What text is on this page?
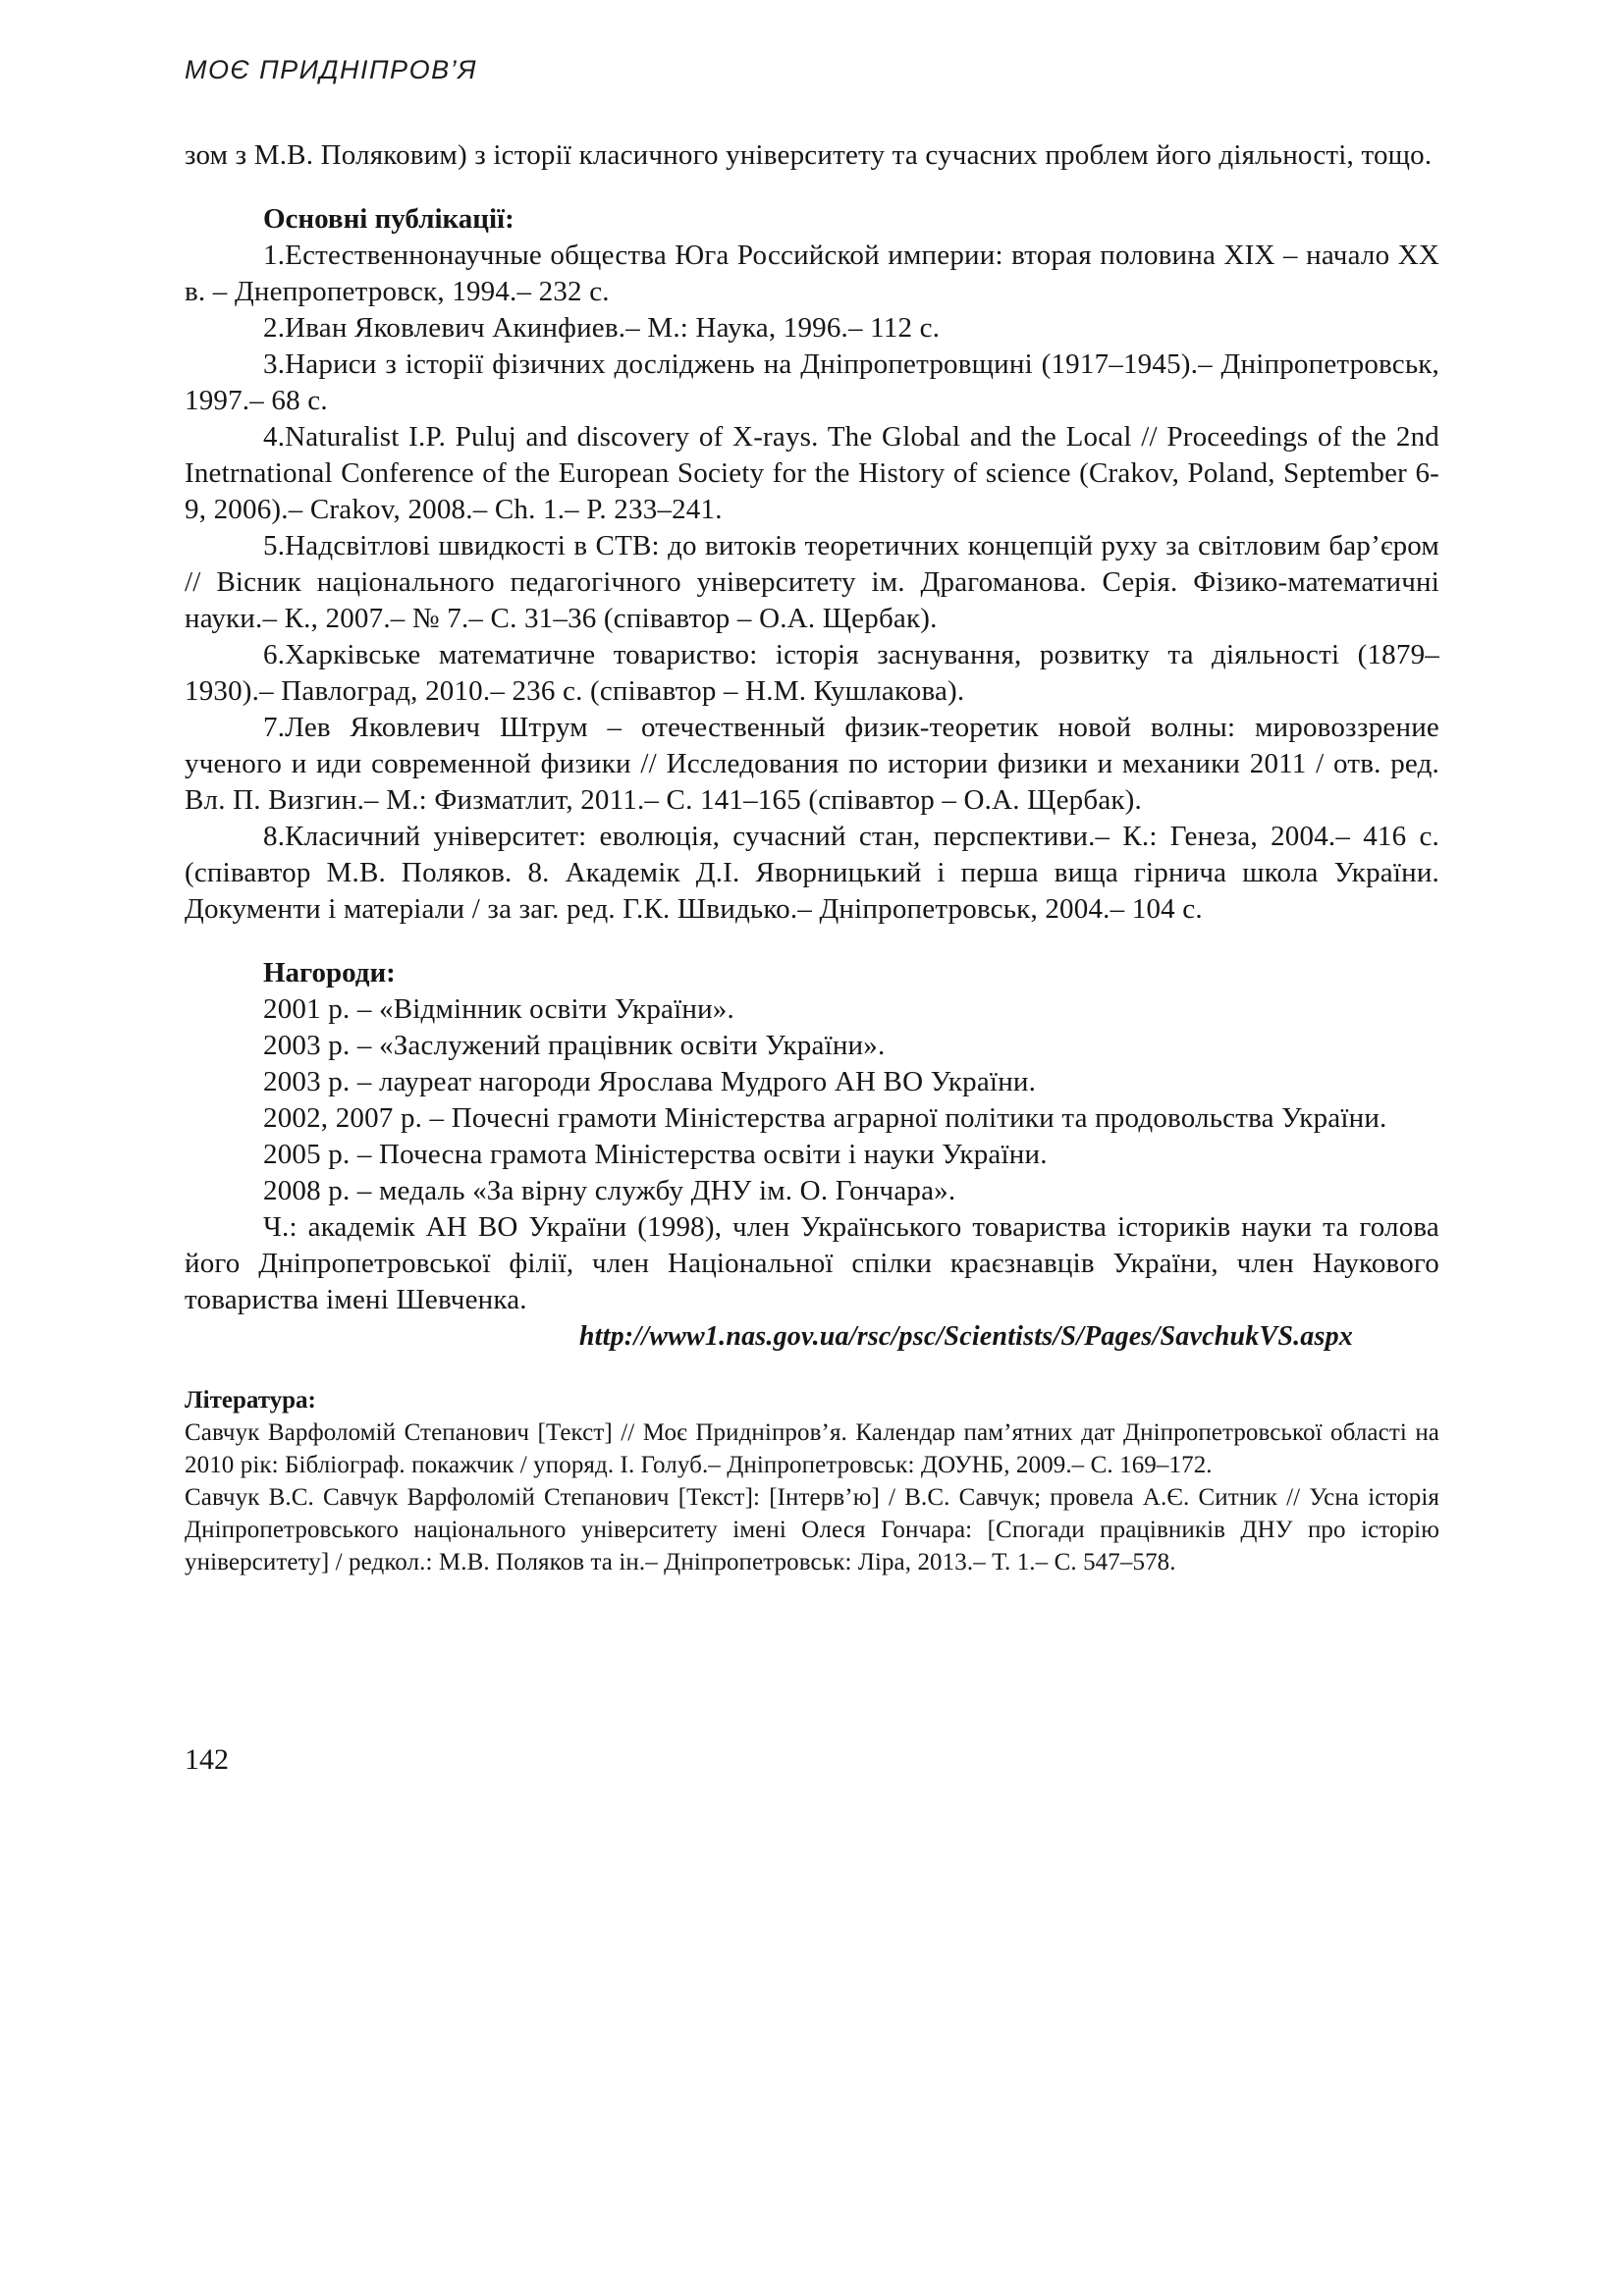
МОЄ ПРИДНІПРОВ’Я

зом з М.В. Поляковим) з історії класичного університету та сучасних проблем його діяльності, тощо.

Основні публікації:

1.Естественнонаучные общества Юга Российской империи: вторая половина XIX – начало XX в. – Днепропетровск, 1994.– 232 с.

2.Иван Яковлевич Акинфиев.– М.: Наука, 1996.– 112 с.

3.Нариси з історії фізичних досліджень на Дніпропетровщині (1917–1945).– Дніпропетровськ, 1997.– 68 с.

4.Naturalist I.P. Puluj and discovery of X-rays. The Global and the Local // Proceedings of the 2nd Inetrnational Conference of the European Society for the History of science (Crakov, Poland, September 6-9, 2006).– Crakov, 2008.– Ch. 1.– P. 233–241.

5.Надсвітлові швидкості в СТВ: до витоків теоретичних концепцій руху за світловим бар’єром // Вісник національного педагогічного університету ім. Драгоманова. Серія. Фізико-математичні науки.– К., 2007.– № 7.– С. 31–36 (співавтор – О.А. Щербак).

6.Харківське математичне товариство: історія заснування, розвитку та діяльності (1879–1930).– Павлоград, 2010.– 236 с. (співавтор – Н.М. Кушлакова).

7.Лев Яковлевич Штрум – отечественный физик-теоретик новой волны: мировоззрение ученого и иди современной физики // Исследования по истории физики и механики 2011 / отв. ред. Вл. П. Визгин.– М.: Физматлит, 2011.– С. 141–165 (співавтор – О.А. Щербак).

8.Класичний університет: еволюція, сучасний стан, перспективи.– К.: Генеза, 2004.– 416 с. (співавтор М.В. Поляков. 8. Академік Д.І. Яворницький і перша вища гірнича школа України. Документи і матеріали / за заг. ред. Г.К. Швидько.– Дніпропетровськ, 2004.– 104 с.

Нагороди:

2001 р. – «Відмінник освіти України».

2003 р. – «Заслужений працівник освіти України».

2003 р. – лауреат нагороди Ярослава Мудрого АН ВО України.

2002, 2007 р. – Почесні грамоти Міністерства аграрної політики та продовольства України.

2005 р. – Почесна грамота Міністерства освіти і науки України.

2008 р. – медаль «За вірну службу ДНУ ім. О. Гончара».

Ч.: академік АН ВО України (1998), член Українського товариства істориків науки та голова його Дніпропетровської філії, член Національної спілки краєзнавців України, член Наукового товариства імені Шевченка.

http://www1.nas.gov.ua/rsc/psc/Scientists/S/Pages/SavchukVS.aspx

Література:

Савчук Варфоломій Степанович [Текст] // Моє Придніпров’я. Календар пам’ятних дат Дніпропетровської області на 2010 рік: Бібліограф. покажчик / упоряд. І. Голуб.– Дніпропетровськ: ДОУНБ, 2009.– С. 169–172.

Савчук В.С. Савчук Варфоломій Степанович [Текст]: [Інтерв’ю] / В.С. Савчук; провела А.Є. Ситник // Усна історія Дніпропетровського національного університету імені Олеся Гончара: [Спогади працівників ДНУ про історію університету] / редкол.: М.В. Поляков та ін.– Дніпропетровськ: Ліра, 2013.– Т. 1.– С. 547–578.

142
